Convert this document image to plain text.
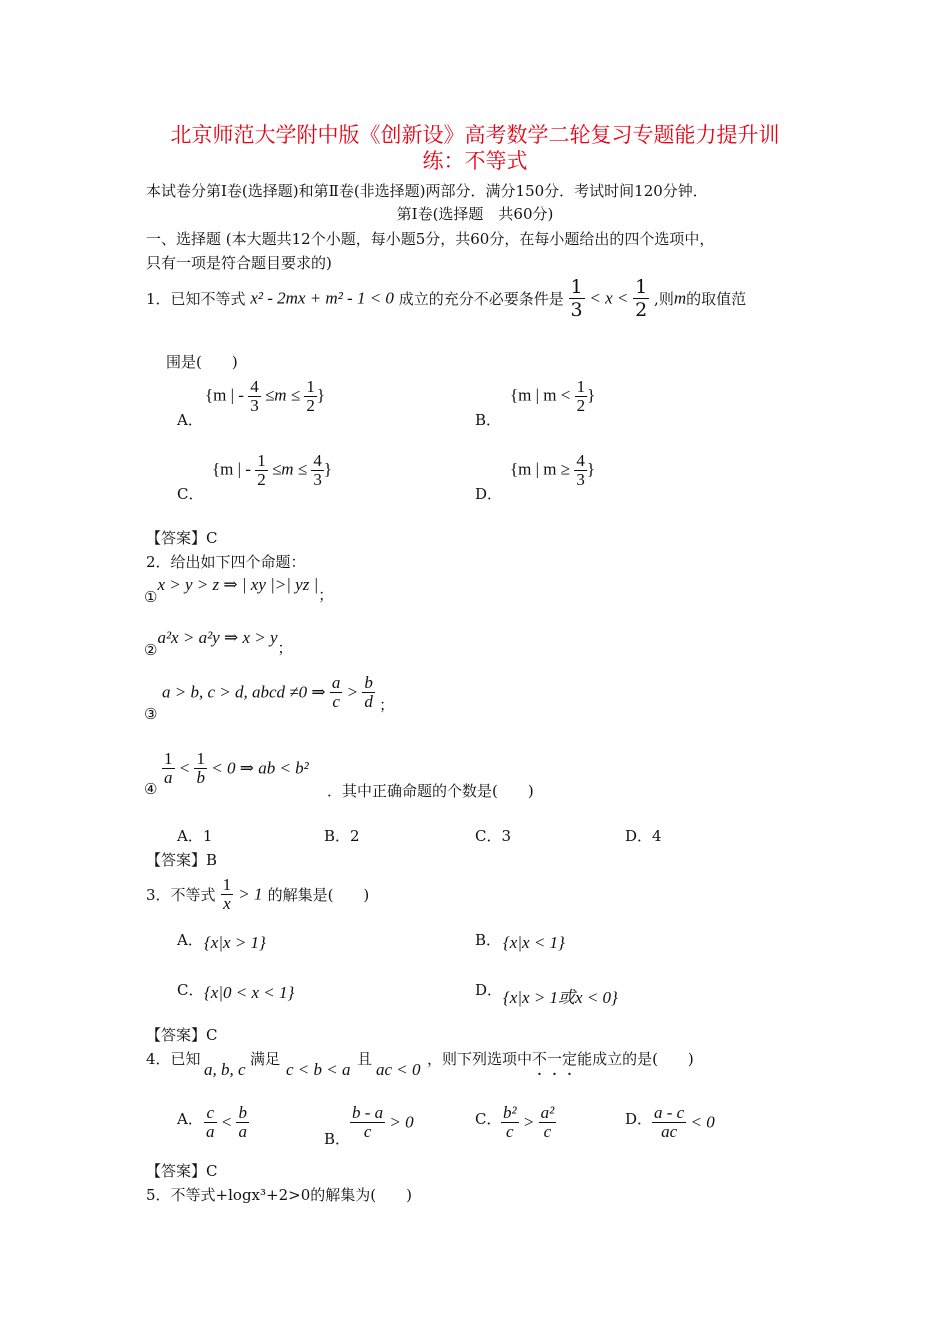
北京师范大学附中版《创新设》高考数学二轮复习专题能力提升训
练：不等式
本试卷分第Ⅰ卷(选择题)和第Ⅱ卷(非选择题)两部分．满分150分．考试时间120分钟．
第Ⅰ卷(选择题　共60分)
一、选择题 (本大题共12个小题，每小题5分，共60分，在每小题给出的四个选项中，
只有一项是符合题目要求的)
1．已知不等式 x² - 2mx + m² - 1 < 0 成立的充分不必要条件是 $\frac{1}{3} < x < \frac{1}{2}$ ,则m的取值范
围是(　　)
A．
{m | - $\frac{4}{3} \le m \le \frac{1}{2}$ }
B．
{m | $m < \frac{1}{2}$ }
C．
{m | - $\frac{1}{2} \le m \le \frac{4}{3}$ }
D．
{m | $m \ge \frac{4}{3}$ }
【答案】C
2．给出如下四个命题：
①x > y > z ⇒ | xy |>| yz |；
②a²x > a²y ⇒ x > y；
③
a > b, c > d, abcd ≠0 ⇒ $\frac{a}{c} > \frac{b}{d}$ ；
④
$\frac{1}{a} < \frac{1}{b} < 0$ ⇒ ab < b²
．其中正确命题的个数是(　　)
A．1	B．2	C．3	D．4
【答案】B
3．不等式 $\frac{1}{x} > 1$ 的解集是(　　)
A． {x|x > 1}	B． {x|x < 1}
C． {x|0 < x < 1}	D． {x|x > 1或x < 0}
【答案】C
4．已知
a, b, c
满足
c < b < a
且
ac < 0
，则下列选项中不一定能成立的是(　　)
A． $\frac{c}{a} < \frac{b}{a}$	B． $\frac{b - a}{c} > 0$	C． $\frac{\text{b²}}{c} > \frac{\text{a²}}{c}$	D． $\frac{a - c}{ac} < 0$
【答案】C
5．不等式+logx³+2>0的解集为(　　)
